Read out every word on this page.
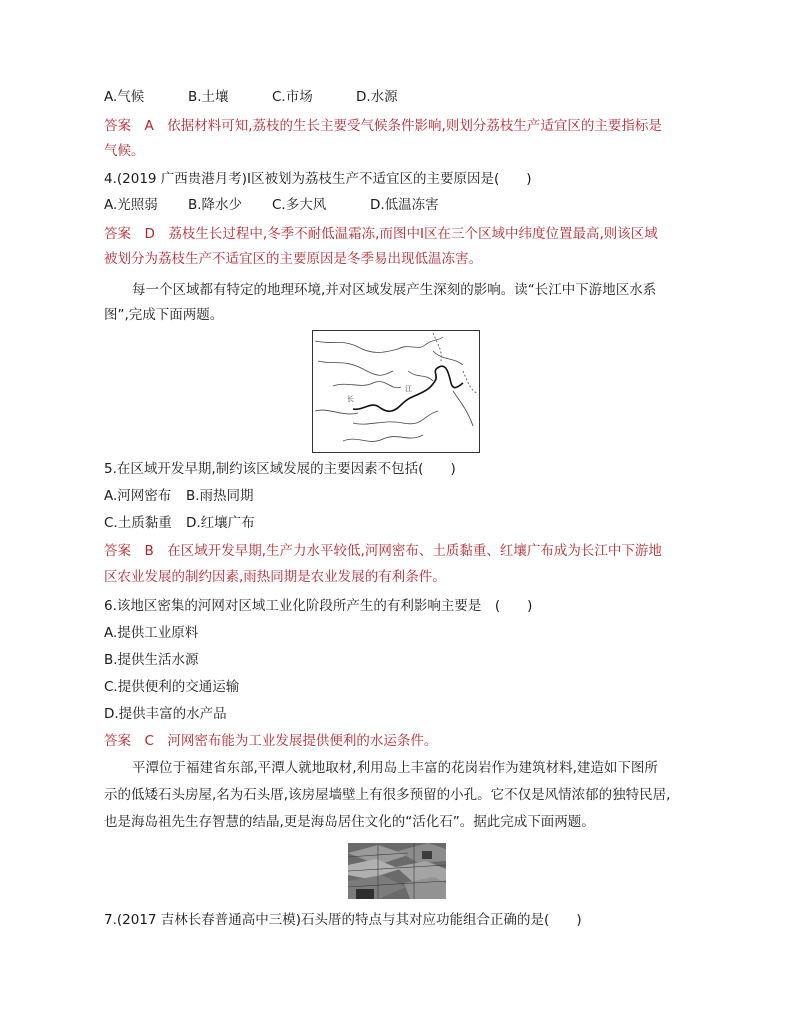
A.气候	B.土壤	C.市场	D.水源
答案　A　依据材料可知,荔枝的生长主要受气候条件影响,则划分荔枝生产适宜区的主要指标是
气候。
4.(2019 广西贵港月考)Ⅰ区被划为荔枝生产不适宜区的主要原因是(　　)
A.光照弱 B.降水少 C.多大风	D.低温冻害
答案　D　荔枝生长过程中,冬季不耐低温霜冻,而图中Ⅰ区在三个区域中纬度位置最高,则该区域
被划分为荔枝生产不适宜区的主要原因是冬季易出现低温冻害。
每一个区域都有特定的地理环境,并对区域发展产生深刻的影响。读“长江中下游地区水系
图”,完成下面两题。
长
江
5.在区域开发早期,制约该区域发展的主要因素不包括(　　)
A.河网密布 B.雨热同期
C.土质黏重 D.红壤广布
答案　B　在区域开发早期,生产力水平较低,河网密布、土质黏重、红壤广布成为长江中下游地
区农业发展的制约因素,雨热同期是农业发展的有利条件。
6.该地区密集的河网对区域工业化阶段所产生的有利影响主要是　(　　)
A.提供工业原料
B.提供生活水源
C.提供便利的交通运输
D.提供丰富的水产品
答案　C　河网密布能为工业发展提供便利的水运条件。
平潭位于福建省东部,平潭人就地取材,利用岛上丰富的花岗岩作为建筑材料,建造如下图所
示的低矮石头房屋,名为石头厝,该房屋墙壁上有很多预留的小孔。它不仅是风情浓郁的独特民居,
也是海岛祖先生存智慧的结晶,更是海岛居住文化的“活化石”。据此完成下面两题。
7.(2017 吉林长春普通高中三模)石头厝的特点与其对应功能组合正确的是(　　)
